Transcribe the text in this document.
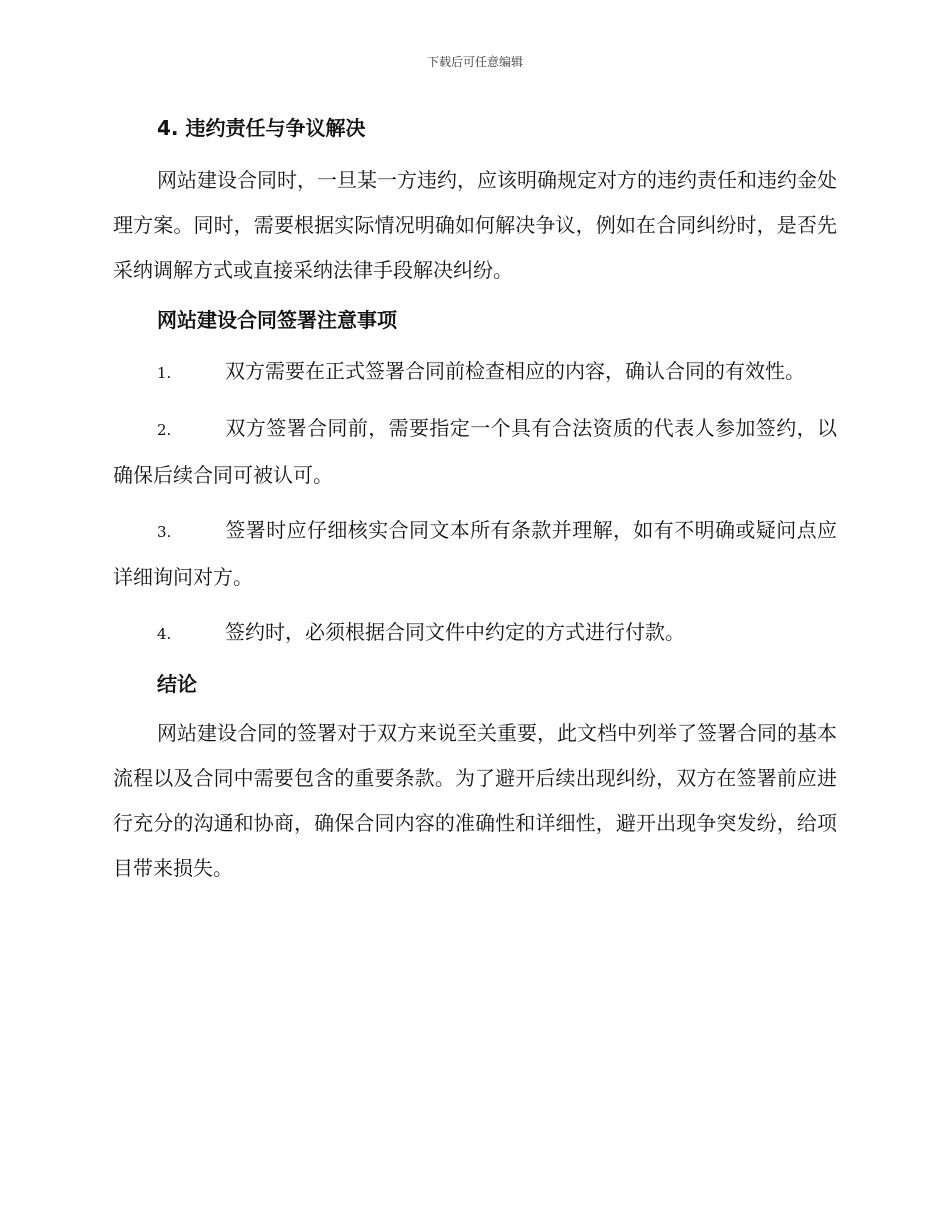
下载后可任意编辑
4. 违约责任与争议解决

网站建设合同时，一旦某一方违约，应该明确规定对方的违约责任和违约金处理方案。同时，需要根据实际情况明确如何解决争议，例如在合同纠纷时，是否先采纳调解方式或直接采纳法律手段解决纠纷。

网站建设合同签署注意事项
1.	双方需要在正式签署合同前检查相应的内容，确认合同的有效性。
2.	双方签署合同前，需要指定一个具有合法资质的代表人参加签约，以确保后续合同可被认可。
3.	签署时应仔细核实合同文本所有条款并理解，如有不明确或疑问点应详细询问对方。
4.	签约时，必须根据合同文件中约定的方式进行付款。
结论

网站建设合同的签署对于双方来说至关重要，此文档中列举了签署合同的基本流程以及合同中需要包含的重要条款。为了避开后续出现纠纷，双方在签署前应进行充分的沟通和协商，确保合同内容的准确性和详细性，避开出现争突发纷，给项目带来损失。
